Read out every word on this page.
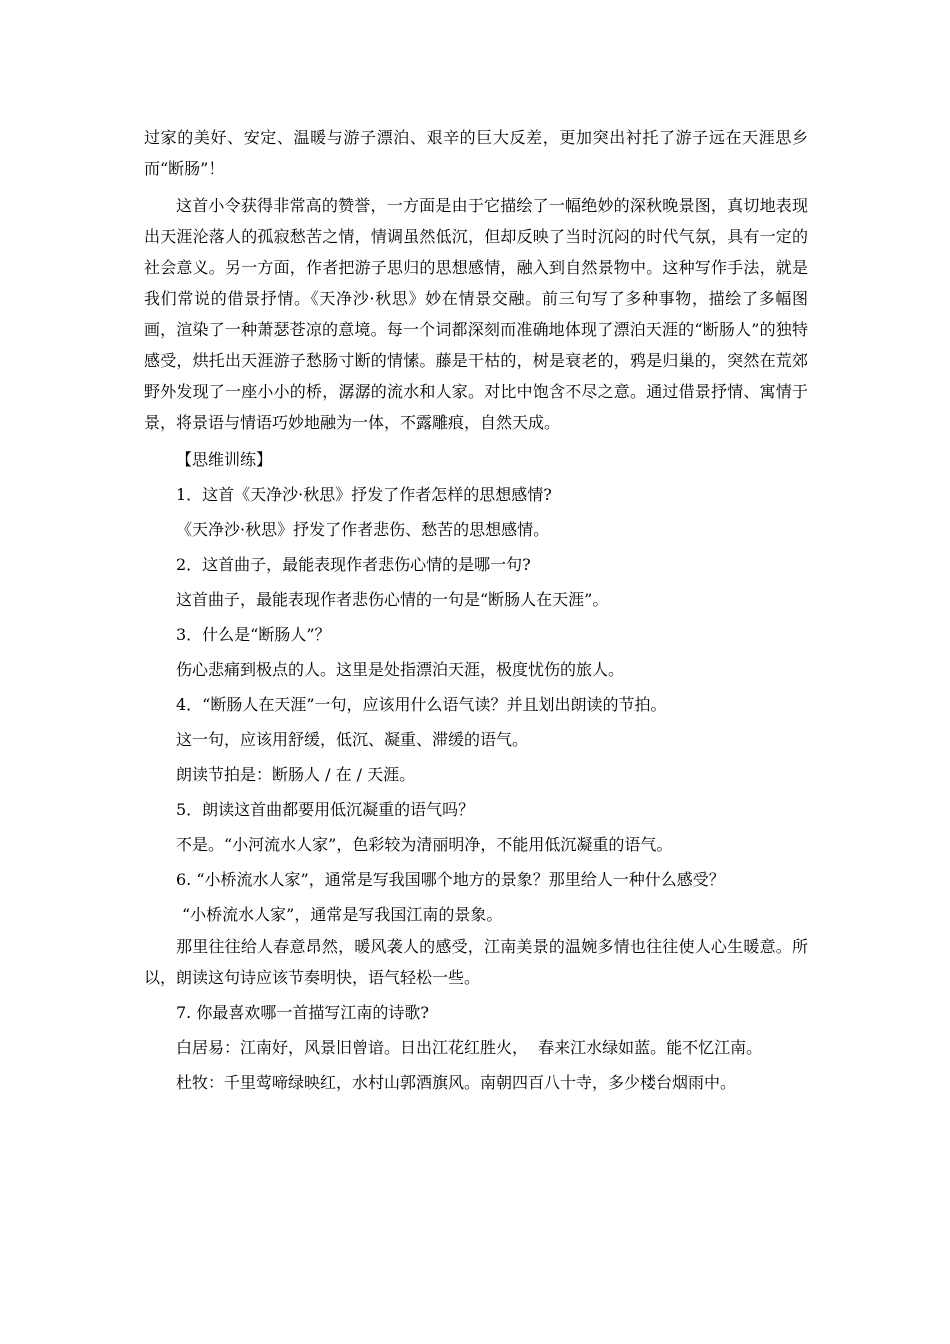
过家的美好、安定、温暖与游子漂泊、艰辛的巨大反差，更加突出衬托了游子远在天涯思乡而“断肠”！

这首小令获得非常高的赞誉，一方面是由于它描绘了一幅绝妙的深秋晚景图，真切地表现出天涯沦落人的孤寂愁苦之情，情调虽然低沉，但却反映了当时沉闷的时代气氛，具有一定的社会意义。另一方面，作者把游子思归的思想感情，融入到自然景物中。这种写作手法，就是我们常说的借景抒情。《天净沙·秋思》妙在情景交融。前三句写了多种事物，描绘了多幅图画，渲染了一种萧瑟苍凉的意境。每一个词都深刻而准确地体现了漂泊天涯的“断肠人”的独特感受，烘托出天涯游子愁肠寸断的情愫。藤是干枯的，树是衰老的，鸦是归巢的，突然在荒郊野外发现了一座小小的桥，潺潺的流水和人家。对比中饱含不尽之意。通过借景抒情、寓情于景，将景语与情语巧妙地融为一体，不露雕痕，自然天成。

【思维训练】

1．这首《天净沙·秋思》抒发了作者怎样的思想感情?

《天净沙·秋思》抒发了作者悲伤、愁苦的思想感情。

2．这首曲子，最能表现作者悲伤心情的是哪一句?

这首曲子，最能表现作者悲伤心情的一句是“断肠人在天涯”。

3．什么是“断肠人”？

伤心悲痛到极点的人。这里是处指漂泊天涯，极度忧伤的旅人。

4．“断肠人在天涯”一句，应该用什么语气读？并且划出朗读的节拍。

这一句，应该用舒缓，低沉、凝重、滞缓的语气。

朗读节拍是：断肠人 / 在 / 天涯。

5．朗读这首曲都要用低沉凝重的语气吗？

不是。“小河流水人家”，色彩较为清丽明净，不能用低沉凝重的语气。

6. “小桥流水人家”，通常是写我国哪个地方的景象？那里给人一种什么感受？

“小桥流水人家”，通常是写我国江南的景象。

那里往往给人春意昂然，暖风袭人的感受，江南美景的温婉多情也往往使人心生暖意。所以，朗读这句诗应该节奏明快，语气轻松一些。

7. 你最喜欢哪一首描写江南的诗歌?

白居易：江南好，风景旧曾谙。日出江花红胜火，  春来江水绿如蓝。能不忆江南。

杜牧：千里莺啼绿映红，水村山郭酒旗风。南朝四百八十寺，多少楼台烟雨中。
